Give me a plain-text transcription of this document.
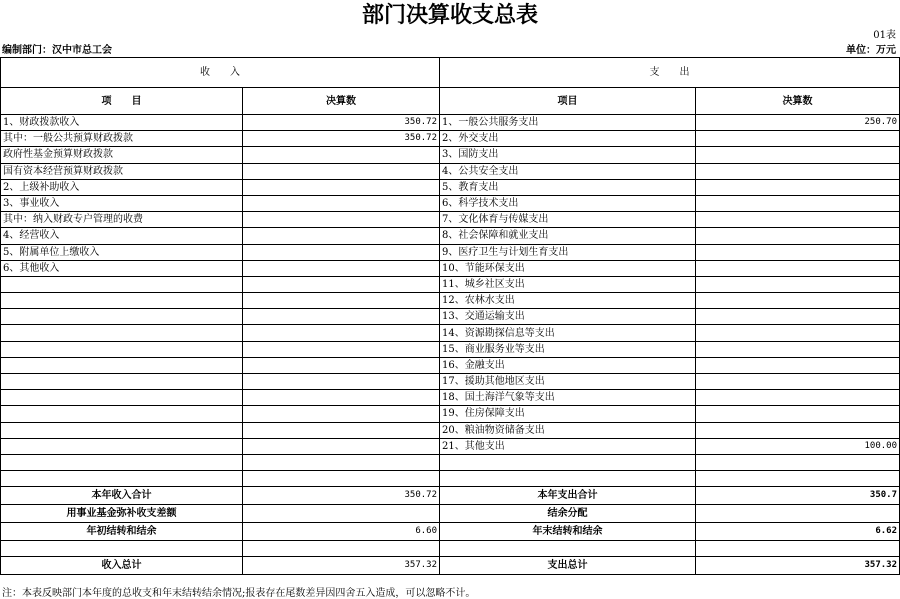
部门决算收支总表
01表
编制部门：汉中市总工会	单位：万元
收　　入		支　　出	
项　　目	决算数	项目	决算数
1、财政拨款收入	350.72	1、一般公共服务支出	250.70
其中：一般公共预算财政拨款	350.72	2、外交支出	
政府性基金预算财政拨款		3、国防支出	
国有资本经营预算财政拨款		4、公共安全支出	
2、上级补助收入		5、教育支出	
3、事业收入		6、科学技术支出	
其中：纳入财政专户管理的收费		7、文化体育与传媒支出	
4、经营收入		8、社会保障和就业支出	
5、附属单位上缴收入		9、医疗卫生与计划生育支出	
6、其他收入		10、节能环保支出	
		11、城乡社区支出	
		12、农林水支出	
		13、交通运输支出	
		14、资源勘探信息等支出	
		15、商业服务业等支出	
		16、金融支出	
		17、援助其他地区支出	
		18、国土海洋气象等支出	
		19、住房保障支出	
		20、粮油物资储备支出	
		21、其他支出	100.00

本年收入合计	350.72	本年支出合计	350.7
用事业基金弥补收支差额		结余分配	
年初结转和结余	6.60	年末结转和结余	6.62

收入总计	357.32	支出总计	357.32
注：本表反映部门本年度的总收支和年末结转结余情况;报表存在尾数差异因四舍五入造成，可以忽略不计。
